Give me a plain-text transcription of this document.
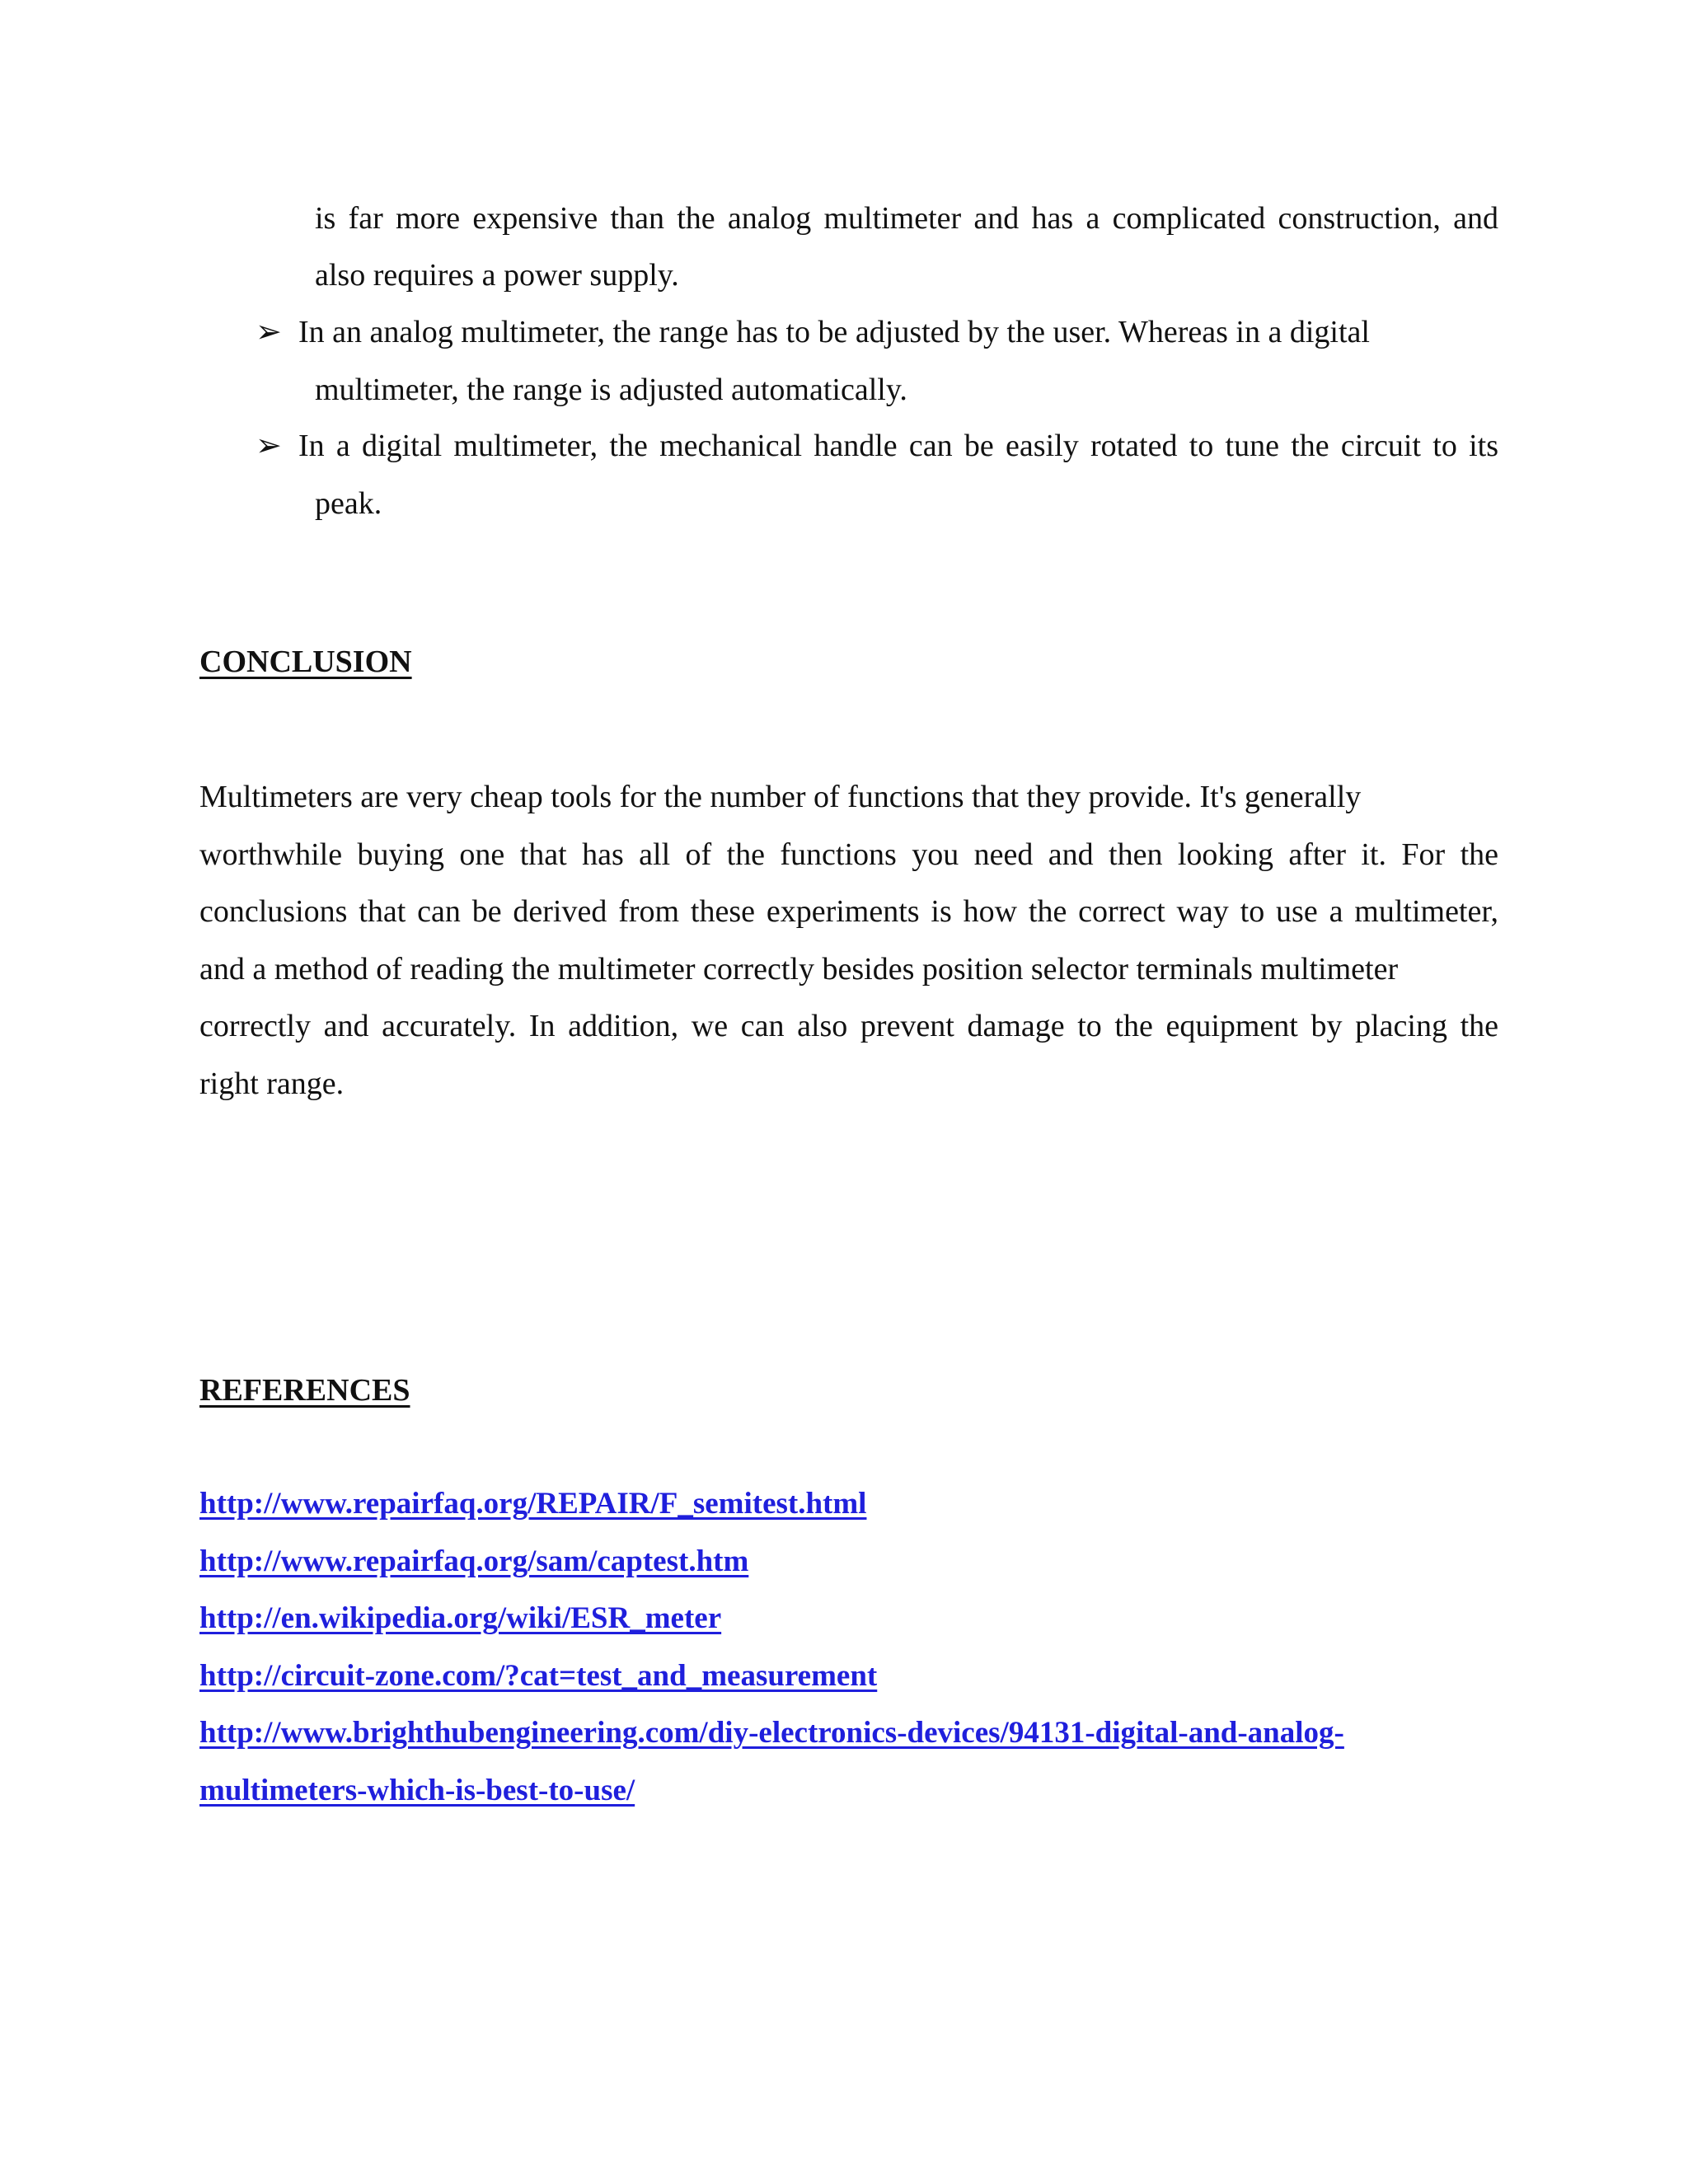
is far more expensive than the analog multimeter and has a complicated construction, and
also requires a power supply.
➢ In an analog multimeter, the range has to be adjusted by the user. Whereas in a digital
multimeter, the range is adjusted automatically.
➢ In a digital multimeter, the mechanical handle can be easily rotated to tune the circuit to its
peak.
CONCLUSION
Multimeters are very cheap tools for the number of functions that they provide. It's generally
worthwhile buying one that has all of the functions you need and then looking after it. For the
conclusions that can be derived from these experiments is how the correct way to use a multimeter,
and a method of reading the multimeter correctly besides position selector terminals multimeter
correctly and accurately. In addition, we can also prevent damage to the equipment by placing the
right range.
REFERENCES
http://www.repairfaq.org/REPAIR/F_semitest.html
http://www.repairfaq.org/sam/captest.htm
http://en.wikipedia.org/wiki/ESR_meter
http://circuit-zone.com/?cat=test_and_measurement
http://www.brighthubengineering.com/diy-electronics-devices/94131-digital-and-analog-
multimeters-which-is-best-to-use/
